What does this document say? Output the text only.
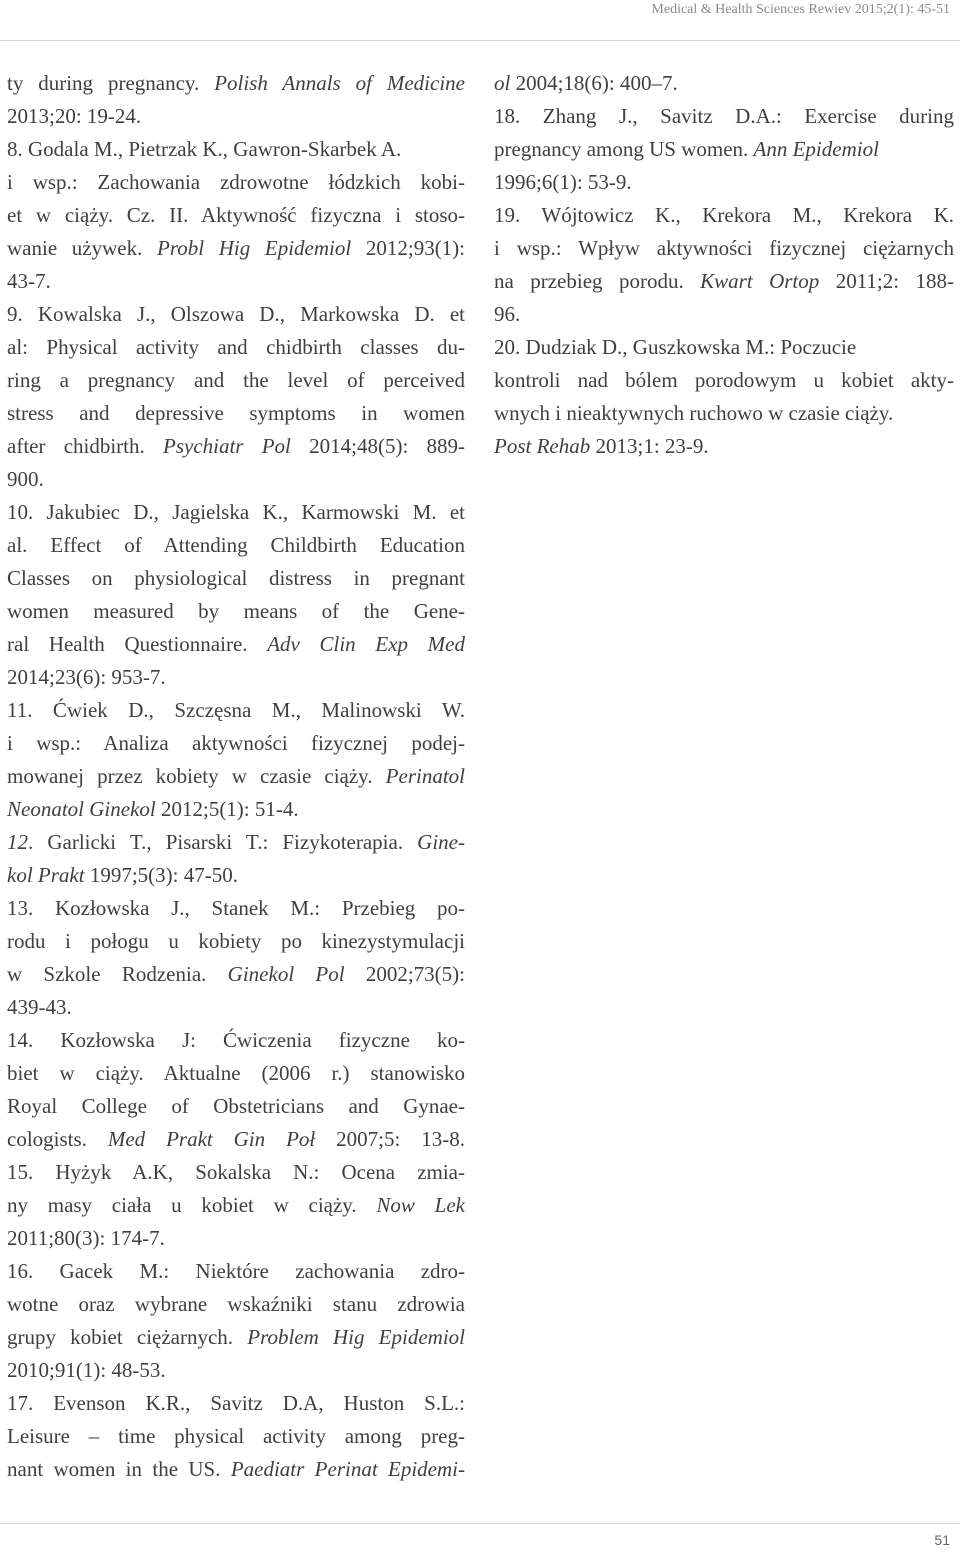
Medical & Health Sciences Rewiev 2015;2(1): 45-51
ty during pregnancy. Polish Annals of Medicine
2013;20: 19-24.
8. Godala M., Pietrzak K., Gawron-Skarbek A.
i wsp.: Zachowania zdrowotne łódzkich kobi-
et w ciąży. Cz. II. Aktywność fizyczna i stoso-
wanie używek. Probl Hig Epidemiol 2012;93(1):
43-7.
9. Kowalska J., Olszowa D., Markowska D. et
al: Physical activity and chidbirth classes du-
ring a pregnancy and the level of perceived
stress and depressive symptoms in women
after chidbirth. Psychiatr Pol 2014;48(5): 889-
900.
10. Jakubiec D., Jagielska K., Karmowski M. et
al. Effect of Attending Childbirth Education
Classes on physiological distress in pregnant
women measured by means of the Gene-
ral Health Questionnaire. Adv Clin Exp Med
2014;23(6): 953-7.
11. Ćwiek D., Szczęsna M., Malinowski W.
i wsp.: Analiza aktywności fizycznej podej-
mowanej przez kobiety w czasie ciąży. Perinatol
Neonatol Ginekol 2012;5(1): 51-4.
12. Garlicki T., Pisarski T.: Fizykoterapia. Gine-
kol Prakt 1997;5(3): 47-50.
13. Kozłowska J., Stanek M.: Przebieg po-
rodu i połogu u kobiety po kinezystymulacji
w Szkole Rodzenia. Ginekol Pol 2002;73(5):
439-43.
14. Kozłowska J: Ćwiczenia fizyczne ko-
biet w ciąży. Aktualne (2006 r.) stanowisko
Royal College of Obstetricians and Gynae-
cologists. Med Prakt Gin Poł 2007;5: 13-8.
15. Hyżyk A.K, Sokalska N.: Ocena zmia-
ny masy ciała u kobiet w ciąży. Now Lek
2011;80(3): 174-7.
16. Gacek M.: Niektóre zachowania zdro-
wotne oraz wybrane wskaźniki stanu zdrowia
grupy kobiet ciężarnych. Problem Hig Epidemiol
2010;91(1): 48-53.
17. Evenson K.R., Savitz D.A, Huston S.L.:
Leisure – time physical activity among preg-
nant women in the US. Paediatr Perinat Epidemi-
ol 2004;18(6): 400–7.
18. Zhang J., Savitz D.A.: Exercise during
pregnancy among US women. Ann Epidemiol
1996;6(1): 53-9.
19. Wójtowicz K., Krekora M., Krekora K.
i wsp.: Wpływ aktywności fizycznej ciężarnych
na przebieg porodu. Kwart Ortop 2011;2: 188-
96.
20. Dudziak D., Guszkowska M.: Poczucie
kontroli nad bólem porodowym u kobiet akty-
wnych i nieaktywnych ruchowo w czasie ciąży.
Post Rehab 2013;1: 23-9.
51
